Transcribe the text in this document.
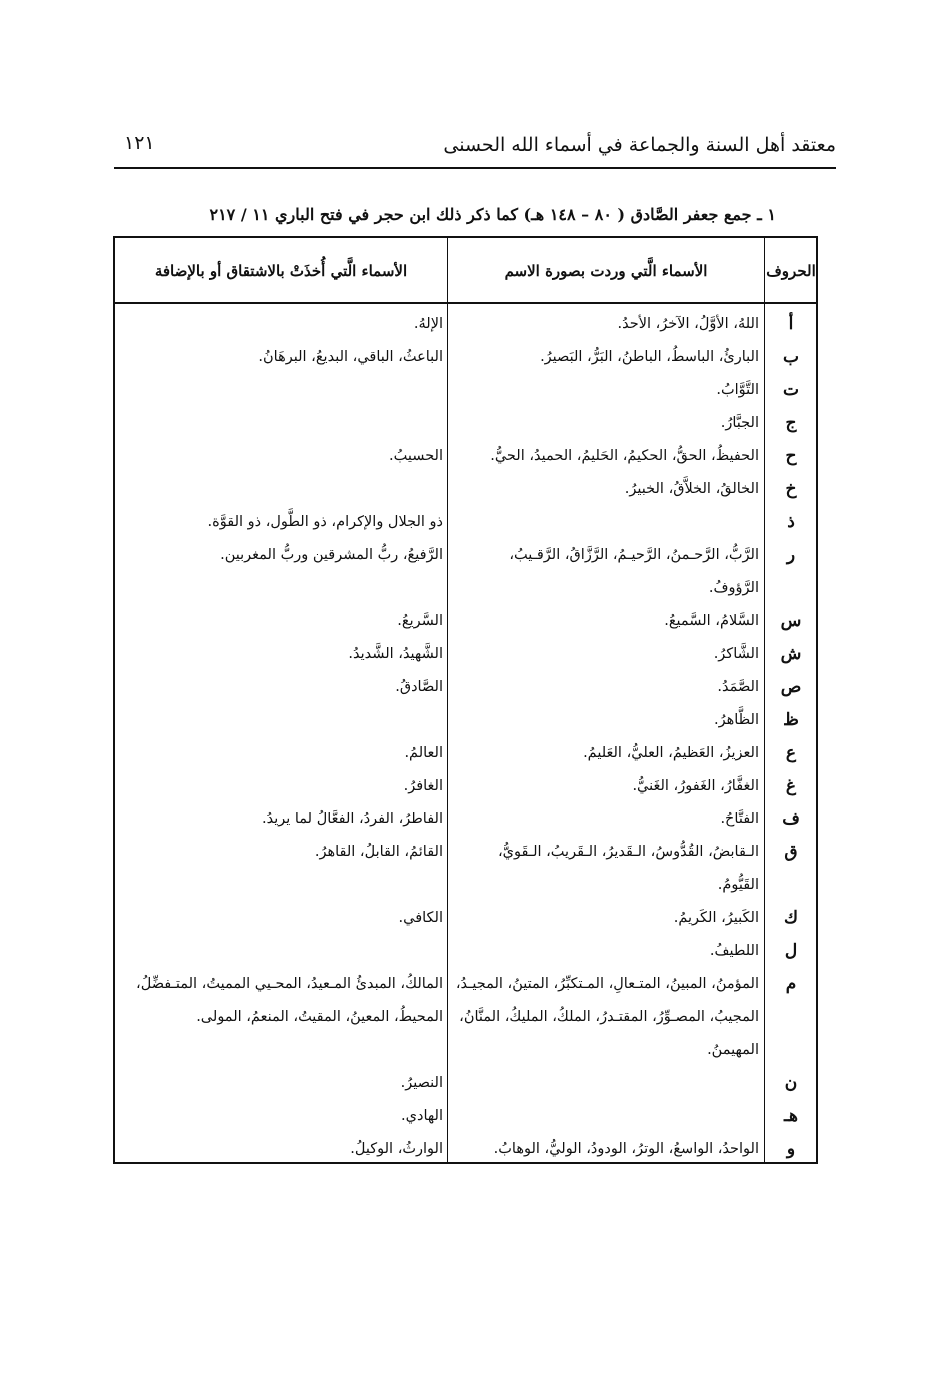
معتقد أهل السنة والجماعة في أسماء الله الحسنى
١٢١
١ ـ جمع جعفر الصَّادق ( ٨٠ – ١٤٨ هـ) كما ذكر ذلك ابن حجر في فتح الباري ١١ / ٢١٧
الحروف
الأسماء الَّتي وردت بصورة الاسم
الأسماء الَّتي أُخذَتْ بالاشتقاق أو بالإضافة
أ
اللهُ، الأوَّلُ، الآخرُ، الأحدُ.
الإلهُ.
ب
البارئُ، الباسطُ، الباطنُ، البَرُّ، البَصيرُ.
الباعثُ، الباقي، البديعُ، البرهَانُ.
ت
التَّوَّابُ.
ج
الجبَّارُ.
ح
الحفيظُ، الحقُّ، الحكيمُ، الحَليمُ، الحميدُ، الحيُّ.
الحسيبُ.
خ
الخالقُ، الخلاَّقُ، الخبيرُ.
ذ
ذو الجلال والإكرام، ذو الطَّول، ذو القوَّة.
ر
الرَّبُّ، الرَّحـمنُ، الرَّحيـمُ، الرَّزَّاقُ، الرَّقـيبُ،
الرَّفيعُ، ربُّ المشرقين وربُّ المغربين.
الرَّؤوفُ.
س
السَّلامُ، السَّميعُ.
السَّريعُ.
ش
الشَّاكرُ.
الشَّهيدُ، الشَّديدُ.
ص
الصَّمَدُ.
الصَّادقُ.
ظ
الظَّاهرُ.
ع
العزيزُ، العَظيمُ، العليُّ، العَليمُ.
العالمُ.
غ
الغفَّارُ، الغَفورُ، الغَنيُّ.
الغافرُ.
ف
الفتَّاحُ.
الفاطرُ، الفردُ، الفعَّالُ لما يريدُ.
ق
الـقابضُ، القُدُّوسُ، الـقَديرُ، الـقَريبُ، الـقَويُّ،
القائمُ، القابلُ، القاهرُ.
القَيُّومُ.
ك
الكَبيرُ، الكَريمُ.
الكافي.
ل
اللطيفُ.
م
المؤمنُ، المبينُ، المتـعالِ، المـتكبِّرُ، المتينُ، المجيـدُ،
المالكُ، المبدئُ المـعيدُ، المحـيي المميتُ، المتـفضِّلُ،
المجيبُ، المصـوِّرُ، المقتـدرُ، الملكُ، المليكُ، المنَّانُ،
المحيطُ، المعينُ، المقيتُ، المنعمُ، المولى.
المهيمنُ.
ن
النصيرُ.
هـ
الهادي.
و
الواحدُ، الواسعُ، الوترُ، الودودُ، الوليُّ، الوهابُ.
الوارثُ، الوكيلُ.
